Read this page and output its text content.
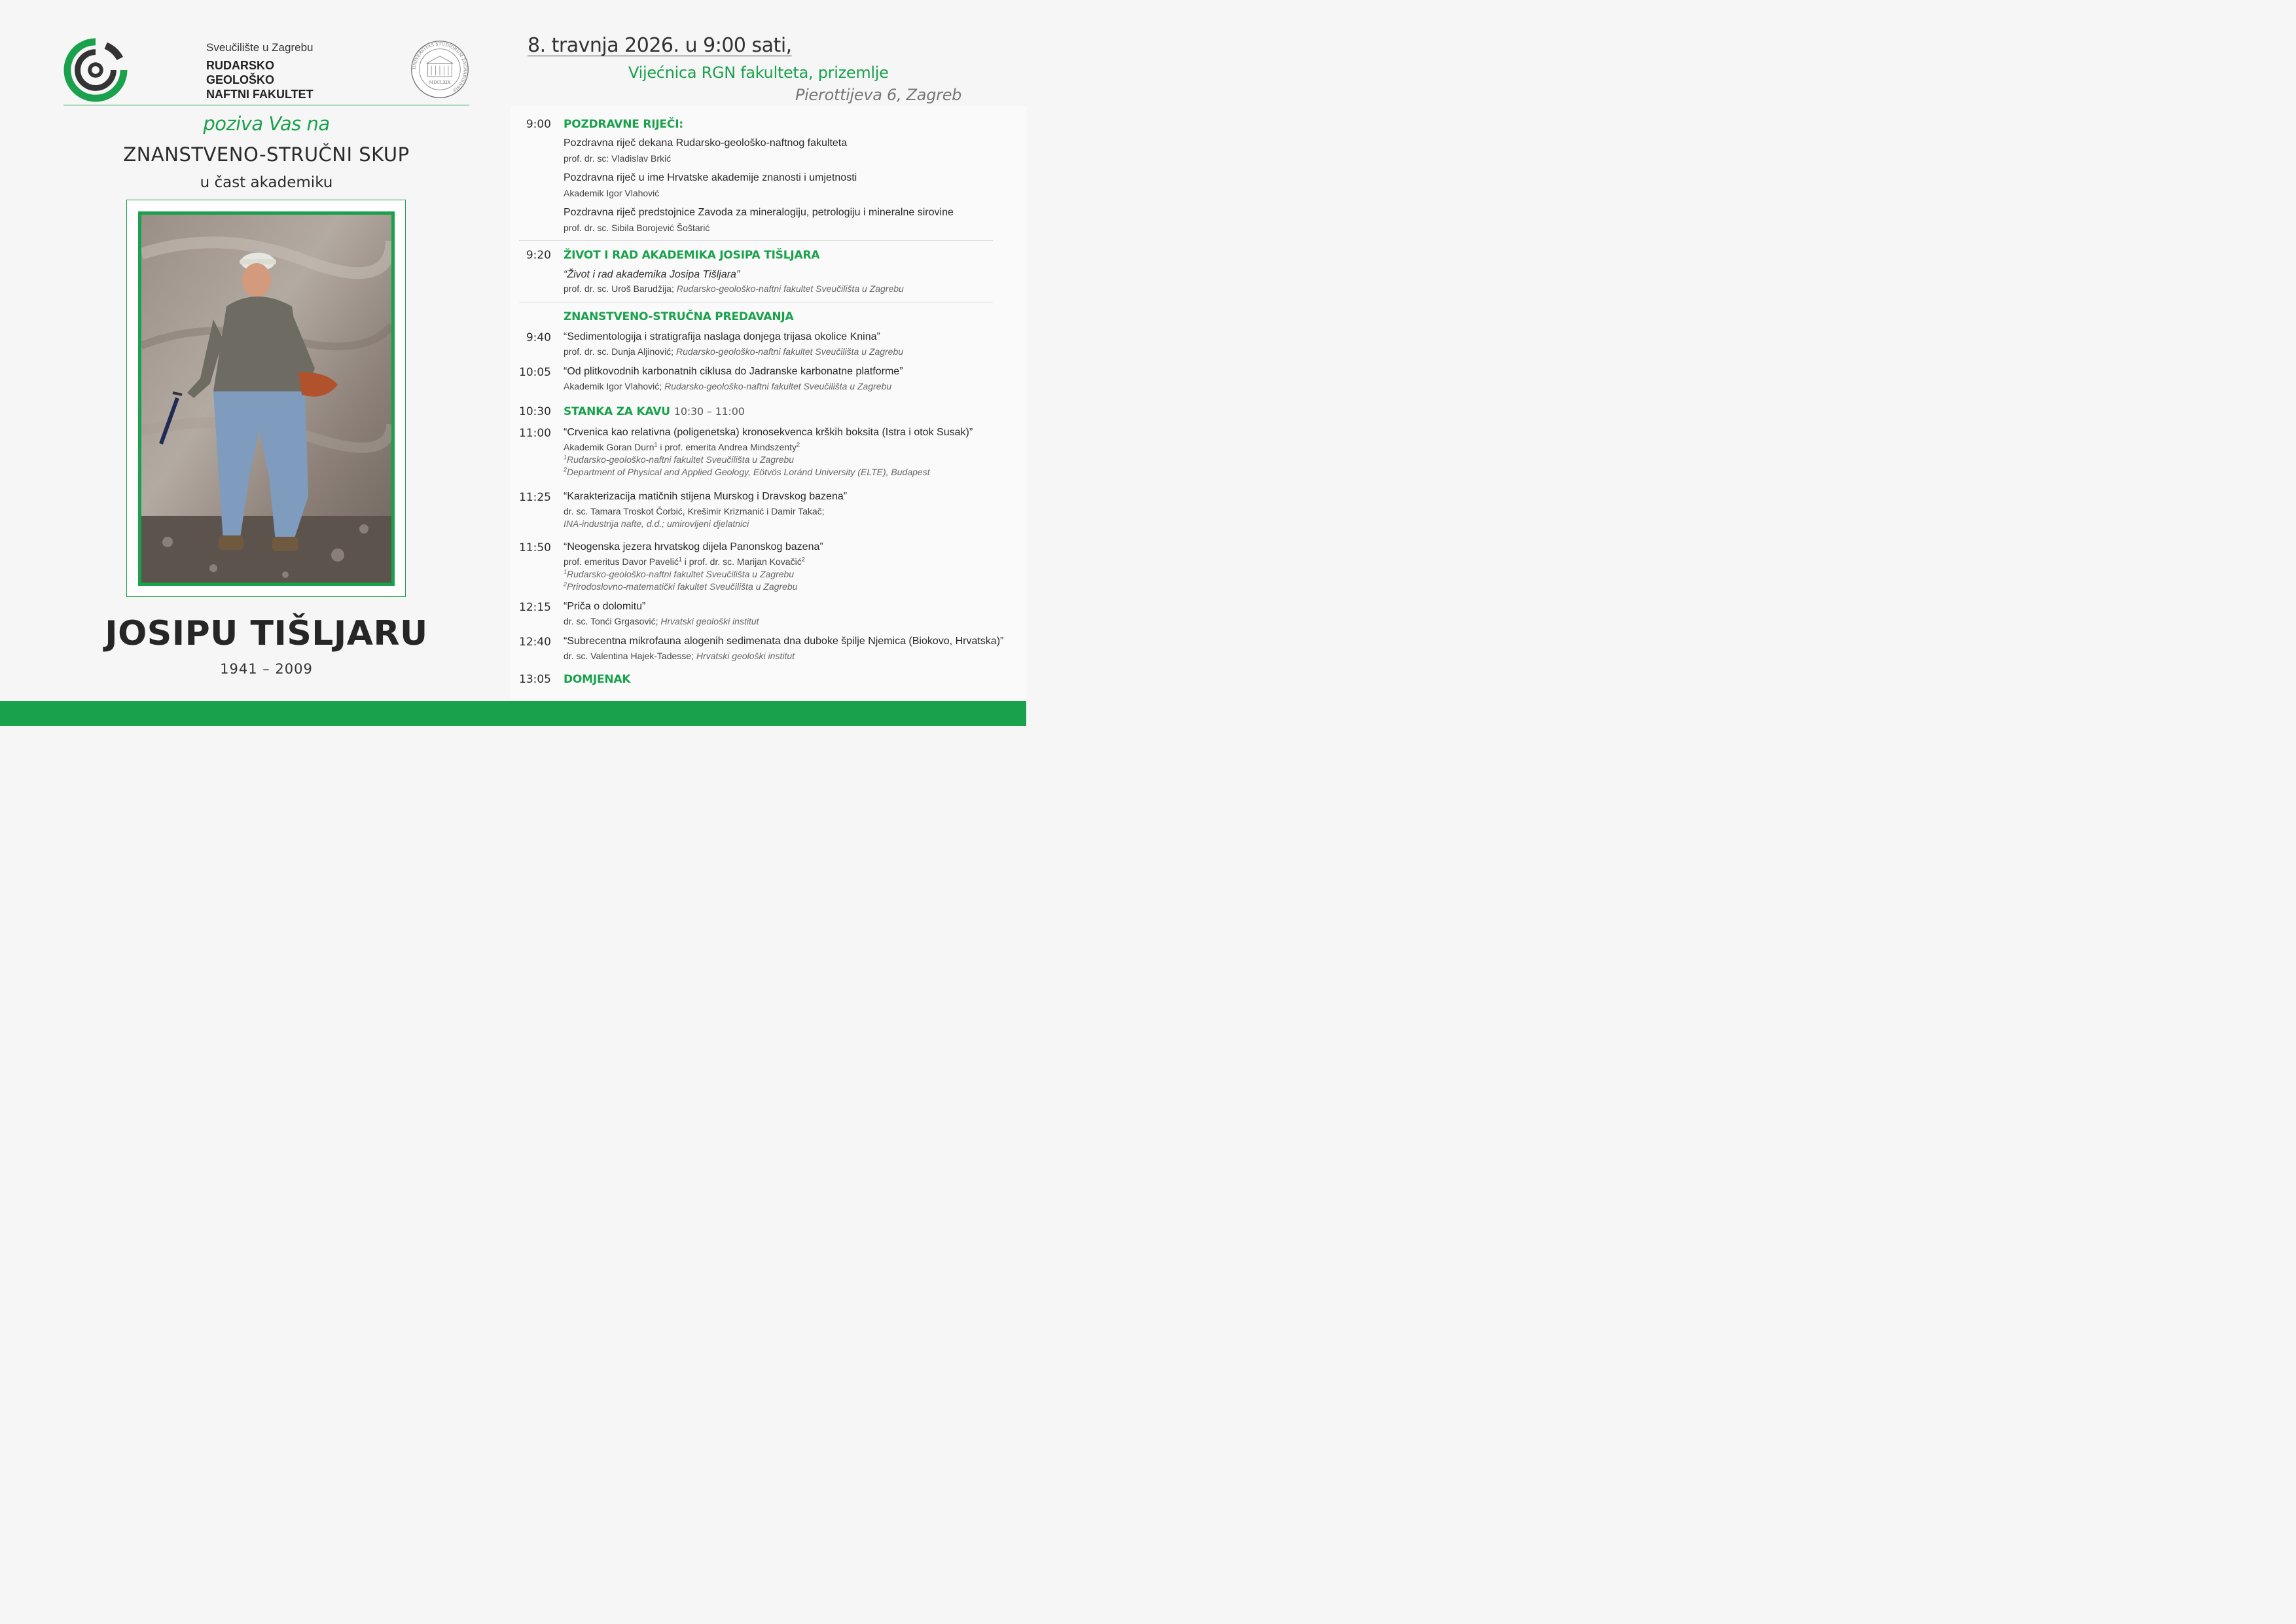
Sveučilište u Zagrebu
RUDARSKO
GEOLOŠKO
NAFTNI FAKULTET
UNIVERSITAS STUDIORUM ZAGRABIENSIS
MDCLXIX
poziva Vas na
ZNANSTVENO-STRUČNI SKUP
u čast akademiku
JOSIPU TIŠLJARU
1941 – 2009
8. travnja 2026. u 9:00 sati,
Vijećnica RGN fakulteta, prizemlje
Pierottijeva 6, Zagreb
9:00 POZDRAVNE RIJEČI:
Pozdravna riječ dekana Rudarsko-geološko-naftnog fakulteta
prof. dr. sc: Vladislav Brkić
Pozdravna riječ u ime Hrvatske akademije znanosti i umjetnosti
Akademik Igor Vlahović
Pozdravna riječ predstojnice Zavoda za mineralogiju, petrologiju i mineralne sirovine
prof. dr. sc. Sibila Borojević Šoštarić
9:20 ŽIVOT I RAD AKADEMIKA JOSIPA TIŠLJARA
“Život i rad akademika Josipa Tišljara”
prof. dr. sc. Uroš Barudžija; Rudarsko-geološko-naftni fakultet Sveučilišta u Zagrebu
ZNANSTVENO-STRUČNA PREDAVANJA
9:40 “Sedimentologija i stratigrafija naslaga donjega trijasa okolice Knina”
prof. dr. sc. Dunja Aljinović; Rudarsko-geološko-naftni fakultet Sveučilišta u Zagrebu
10:05 “Od plitkovodnih karbonatnih ciklusa do Jadranske karbonatne platforme”
Akademik Igor Vlahović; Rudarsko-geološko-naftni fakultet Sveučilišta u Zagrebu
10:30 STANKA ZA KAVU 10:30 – 11:00
11:00 “Crvenica kao relativna (poligenetska) kronosekvenca krških boksita (Istra i otok Susak)”
Akademik Goran Durn$^1$ i prof. emerita Andrea Mindszenty$^2$
$^1$Rudarsko-geološko-naftni fakultet Sveučilišta u Zagrebu
$^2$Department of Physical and Applied Geology, Eötvös Loránd University (ELTE), Budapest
11:25 “Karakterizacija matičnih stijena Murskog i Dravskog bazena”
dr. sc. Tamara Troskot Čorbić, Krešimir Krizmanić i Damir Takač;
INA-industrija nafte, d.d.; umirovljeni djelatnici
11:50 “Neogenska jezera hrvatskog dijela Panonskog bazena”
prof. emeritus Davor Pavelić$^1$ i prof. dr. sc. Marijan Kovačić$^2$
$^1$Rudarsko-geološko-naftni fakultet Sveučilišta u Zagrebu
$^2$Prirodoslovno-matematički fakultet Sveučilišta u Zagrebu
12:15 “Priča o dolomitu”
dr. sc. Tonći Grgasović; Hrvatski geološki institut
12:40 “Subrecentna mikrofauna alogenih sedimenata dna duboke špilje Njemica (Biokovo, Hrvatska)”
dr. sc. Valentina Hajek-Tadesse; Hrvatski geološki institut
13:05 DOMJENAK
